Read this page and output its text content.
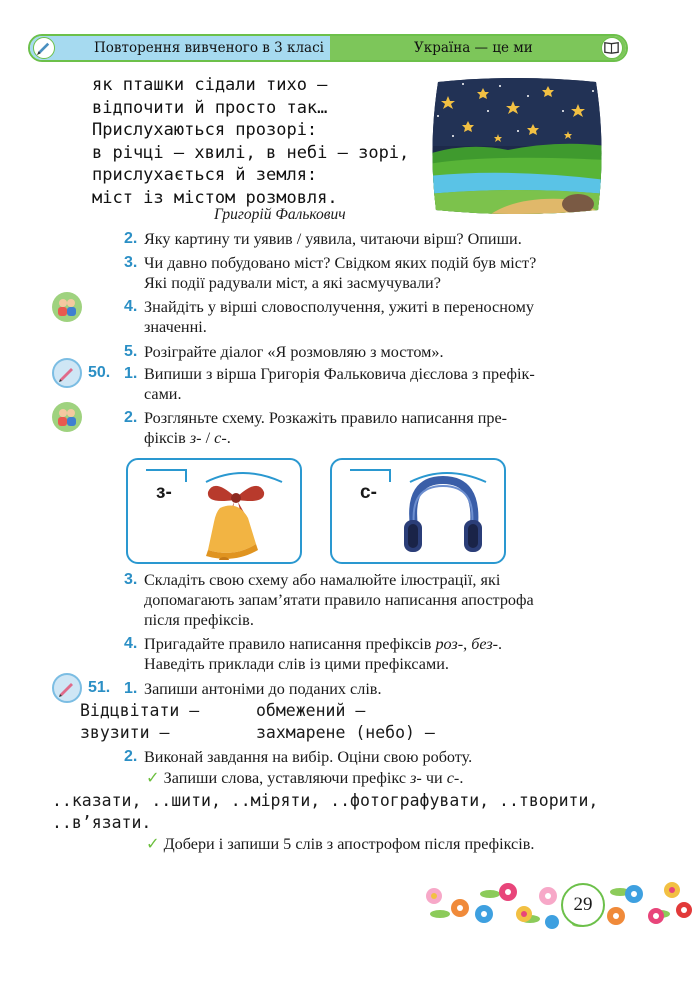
Повторення вивченого в 3 класі	Україна — це ми
як пташки сідали тихо —
відпочити й просто так…
Прислухаються прозорі:
в річці — хвилі, в небі — зорі,
прислухається й земля:
міст із містом розмовля.
Григорій Фалькович
2. Яку картину ти уявив / уявила, читаючи вірш? Опиши.
3. Чи давно побудовано міст? Свідком яких подій був міст?
Які події радували міст, а які засмучували?
4. Знайдіть у вірші словосполучення, ужиті в переносному
значенні.
5. Розіграйте діалог «Я розмовляю з мостом».
50. 1. Випиши з вірша Григорія Фальковича дієслова з префік-
сами.
2. Розгляньте схему. Розкажіть правило написання пре-
фіксів з- / с-.
з-	с-
3. Складіть свою схему або намалюйте ілюстрації, які
допомагають запам’ятати правило написання апострофа
після префіксів.
4. Пригадайте правило написання префіксів роз-, без-.
Наведіть приклади слів із цими префіксами.
51. 1. Запиши антоніми до поданих слів.
Відцвітати —	обмежений —
звузити —	захмарене (небо) —
2. Виконай завдання на вибір. Оціни свою роботу.
✓ Запиши слова, уставляючи префікс з- чи с-.
..казати, ..шити, ..міряти, ..фотографувати, ..творити,
..в’язати.
✓ Добери і запиши 5 слів з апострофом після префіксів.
29
